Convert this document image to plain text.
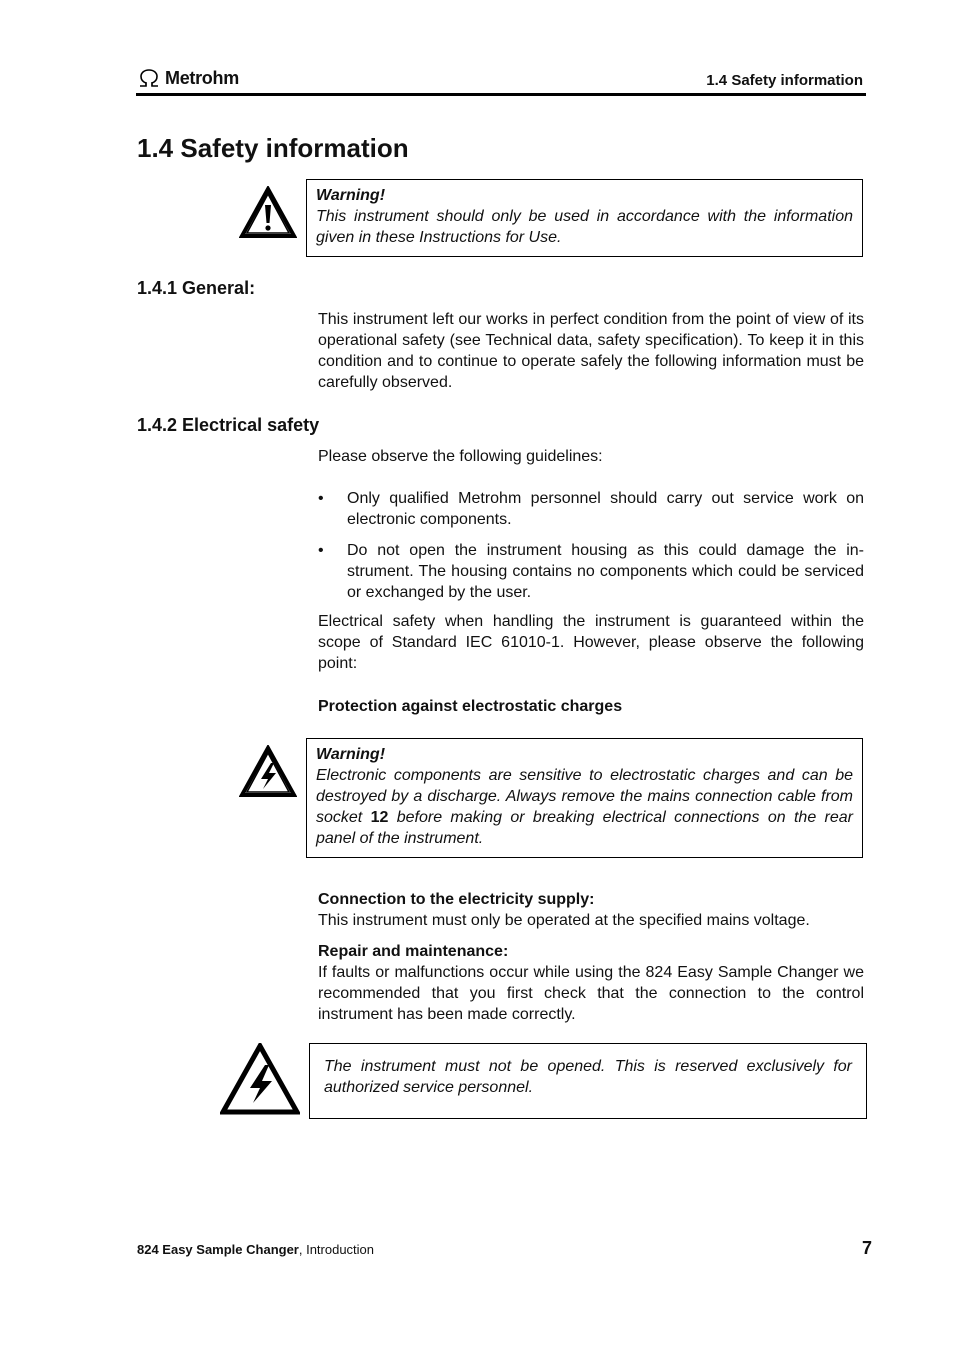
Metrohm	1.4 Safety information
1.4 Safety information
Warning!
This instrument should only be used in accordance with the information given in these Instructions for Use.
1.4.1 General:
This instrument left our works in perfect condition from the point of view of its operational safety (see Technical data, safety specification). To keep it in this condition and to continue to operate safely the following information must be carefully observed.
1.4.2 Electrical safety
Please observe the following guidelines:
• Only qualified Metrohm personnel should carry out service work on electronic components.
• Do not open the instrument housing as this could damage the in-strument. The housing contains no components which could be serviced or exchanged by the user.
Electrical safety when handling the instrument is guaranteed within the scope of Standard IEC 61010-1. However, please observe the following point:
Protection against electrostatic charges
Warning!
Electronic components are sensitive to electrostatic charges and can be destroyed by a discharge. Always remove the mains connection cable from socket 12 before making or breaking electrical connections on the rear panel of the instrument.
Connection to the electricity supply:
This instrument must only be operated at the specified mains voltage.
Repair and maintenance:
If faults or malfunctions occur while using the 824 Easy Sample Changer we recommended that you first check that the connection to the control instrument has been made correctly.
The instrument must not be opened. This is reserved exclusively for authorized service personnel.
824 Easy Sample Changer, Introduction	7
